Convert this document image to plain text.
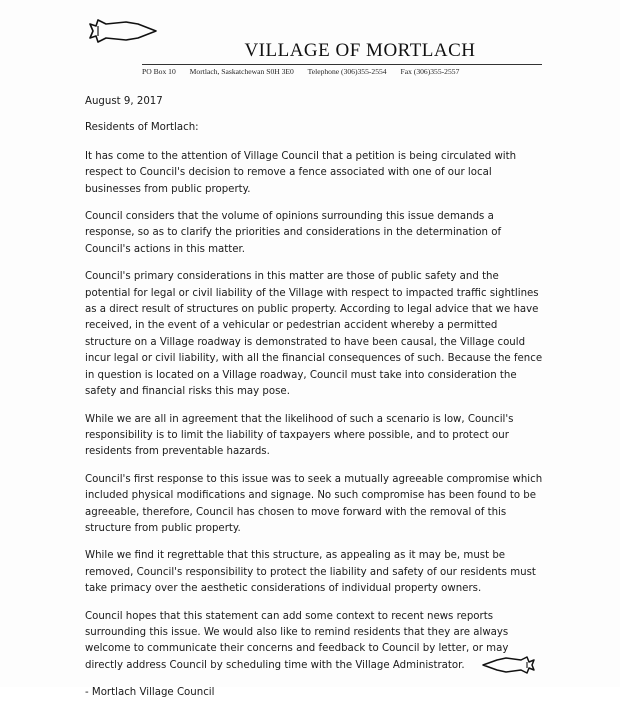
VILLAGE OF MORTLACH
PO Box 10 Mortlach, Saskatchewan S0H 3E0 Telephone (306)355-2554 Fax (306)355-2557

August 9, 2017

Residents of Mortlach:

It has come to the attention of Village Council that a petition is being circulated with respect to Council's decision to remove a fence associated with one of our local businesses from public property.

Council considers that the volume of opinions surrounding this issue demands a response, so as to clarify the priorities and considerations in the determination of Council's actions in this matter.

Council's primary considerations in this matter are those of public safety and the potential for legal or civil liability of the Village with respect to impacted traffic sightlines as a direct result of structures on public property. According to legal advice that we have received, in the event of a vehicular or pedestrian accident whereby a permitted structure on a Village roadway is demonstrated to have been causal, the Village could incur legal or civil liability, with all the financial consequences of such. Because the fence in question is located on a Village roadway, Council must take into consideration the safety and financial risks this may pose.

While we are all in agreement that the likelihood of such a scenario is low, Council's responsibility is to limit the liability of taxpayers where possible, and to protect our residents from preventable hazards.

Council's first response to this issue was to seek a mutually agreeable compromise which included physical modifications and signage. No such compromise has been found to be agreeable, therefore, Council has chosen to move forward with the removal of this structure from public property.

While we find it regrettable that this structure, as appealing as it may be, must be removed, Council's responsibility to protect the liability and safety of our residents must take primacy over the aesthetic considerations of individual property owners.

Council hopes that this statement can add some context to recent news reports surrounding this issue. We would also like to remind residents that they are always welcome to communicate their concerns and feedback to Council by letter, or may directly address Council by scheduling time with the Village Administrator.

- Mortlach Village Council
